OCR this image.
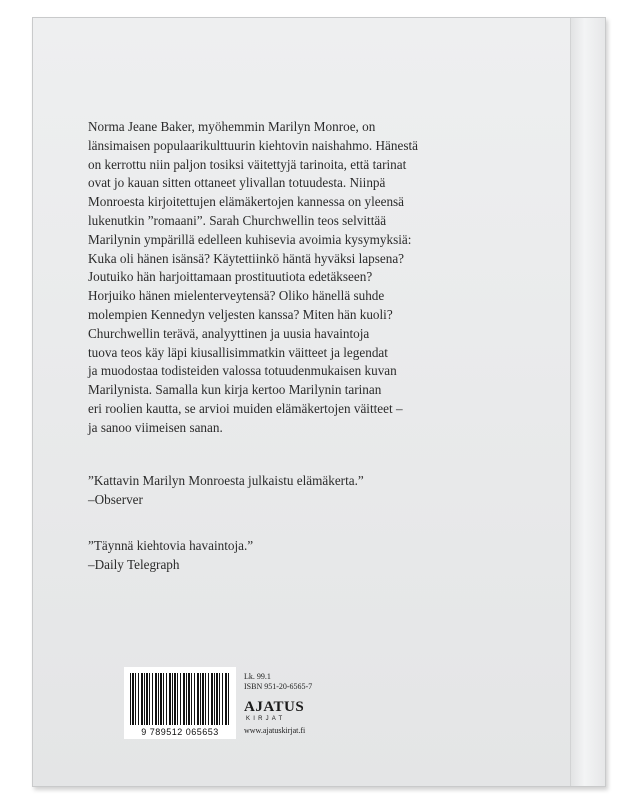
Norma Jeane Baker, myöhemmin Marilyn Monroe, on
länsimaisen populaarikulttuurin kiehtovin naishahmo. Hänestä
on kerrottu niin paljon tosiksi väitettyjä tarinoita, että tarinat
ovat jo kauan sitten ottaneet ylivallan totuudesta. Niinpä
Monroesta kirjoitettujen elämäkertojen kannessa on yleensä
lukenutkin ”romaani”. Sarah Churchwellin teos selvittää
Marilynin ympärillä edelleen kuhisevia avoimia kysymyksiä:
Kuka oli hänen isänsä? Käytettiinkö häntä hyväksi lapsena?
Joutuiko hän harjoittamaan prostituutiota edetäkseen?
Horjuiko hänen mielenterveytensä? Oliko hänellä suhde
molempien Kennedyn veljesten kanssa? Miten hän kuoli?
Churchwellin terävä, analyyttinen ja uusia havaintoja
tuova teos käy läpi kiusallisimmatkin väitteet ja legendat
ja muodostaa todisteiden valossa totuudenmukaisen kuvan
Marilynista. Samalla kun kirja kertoo Marilynin tarinan
eri roolien kautta, se arvioi muiden elämäkertojen väitteet –
ja sanoo viimeisen sanan.

”Kattavin Marilyn Monroesta julkaistu elämäkerta.”
–Observer
”Täynnä kiehtovia havaintoja.”
–Daily Telegraph
9 789512 065653
Lk. 99.1
ISBN 951-20-6565-7
AJATUS
KIRJAT
www.ajatuskirjat.fi
